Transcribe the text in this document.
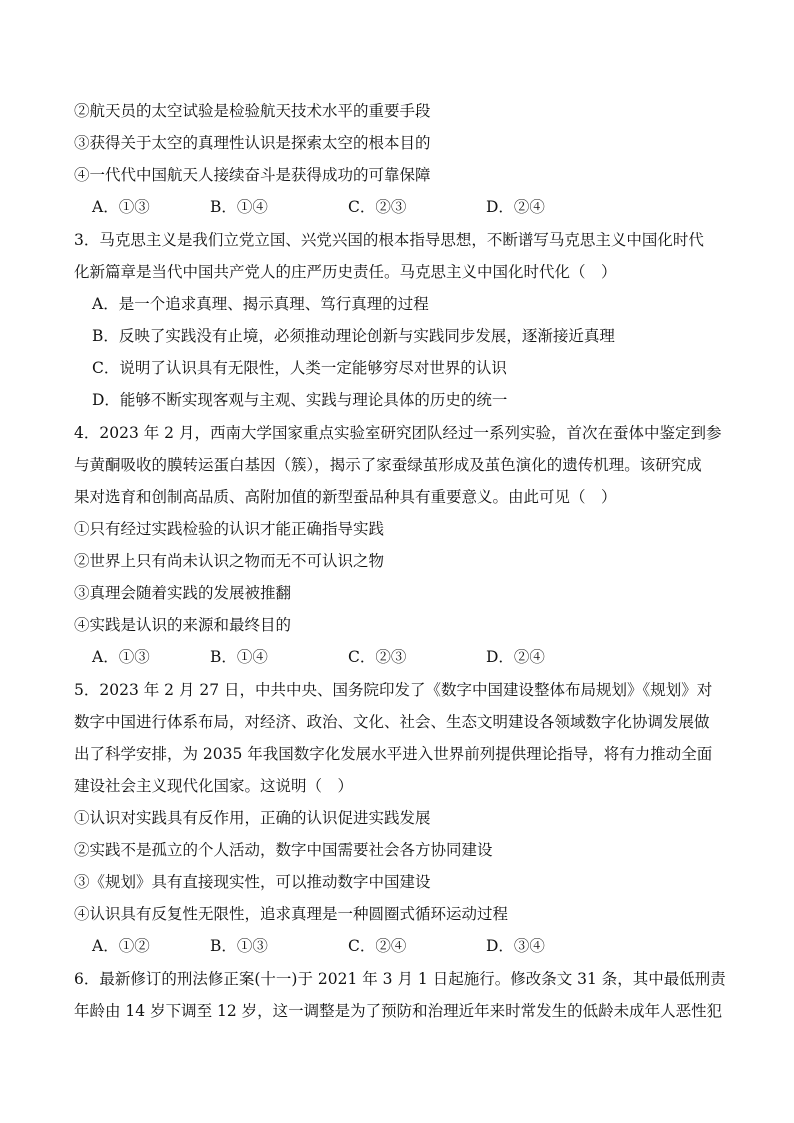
②航天员的太空试验是检验航天技术水平的重要手段
③获得关于太空的真理性认识是探索太空的根本目的
④一代代中国航天人接续奋斗是获得成功的可靠保障
A．①③	B．①④	C．②③	D．②④
3．马克思主义是我们立党立国、兴党兴国的根本指导思想，不断谱写马克思主义中国化时代
化新篇章是当代中国共产党人的庄严历史责任。马克思主义中国化时代化（　）
A．是一个追求真理、揭示真理、笃行真理的过程
B．反映了实践没有止境，必须推动理论创新与实践同步发展，逐渐接近真理
C．说明了认识具有无限性，人类一定能够穷尽对世界的认识
D．能够不断实现客观与主观、实践与理论具体的历史的统一
4．2023 年 2 月，西南大学国家重点实验室研究团队经过一系列实验，首次在蚕体中鉴定到参
与黄酮吸收的膜转运蛋白基因（簇），揭示了家蚕绿茧形成及茧色演化的遗传机理。该研究成
果对选育和创制高品质、高附加值的新型蚕品种具有重要意义。由此可见（　）
①只有经过实践检验的认识才能正确指导实践
②世界上只有尚未认识之物而无不可认识之物
③真理会随着实践的发展被推翻
④实践是认识的来源和最终目的
A．①③	B．①④	C．②③	D．②④
5．2023 年 2 月 27 日，中共中央、国务院印发了《数字中国建设整体布局规划》《规划》对
数字中国进行体系布局，对经济、政治、文化、社会、生态文明建设各领域数字化协调发展做
出了科学安排，为 2035 年我国数字化发展水平进入世界前列提供理论指导，将有力推动全面
建设社会主义现代化国家。这说明（　）
①认识对实践具有反作用，正确的认识促进实践发展
②实践不是孤立的个人活动，数字中国需要社会各方协同建设
③《规划》具有直接现实性，可以推动数字中国建设
④认识具有反复性无限性，追求真理是一种圆圈式循环运动过程
A．①②	B．①③	C．②④	D．③④
6．最新修订的刑法修正案(十一)于 2021 年 3 月 1 日起施行。修改条文 31 条，其中最低刑责
年龄由 14 岁下调至 12 岁，这一调整是为了预防和治理近年来时常发生的低龄未成年人恶性犯
